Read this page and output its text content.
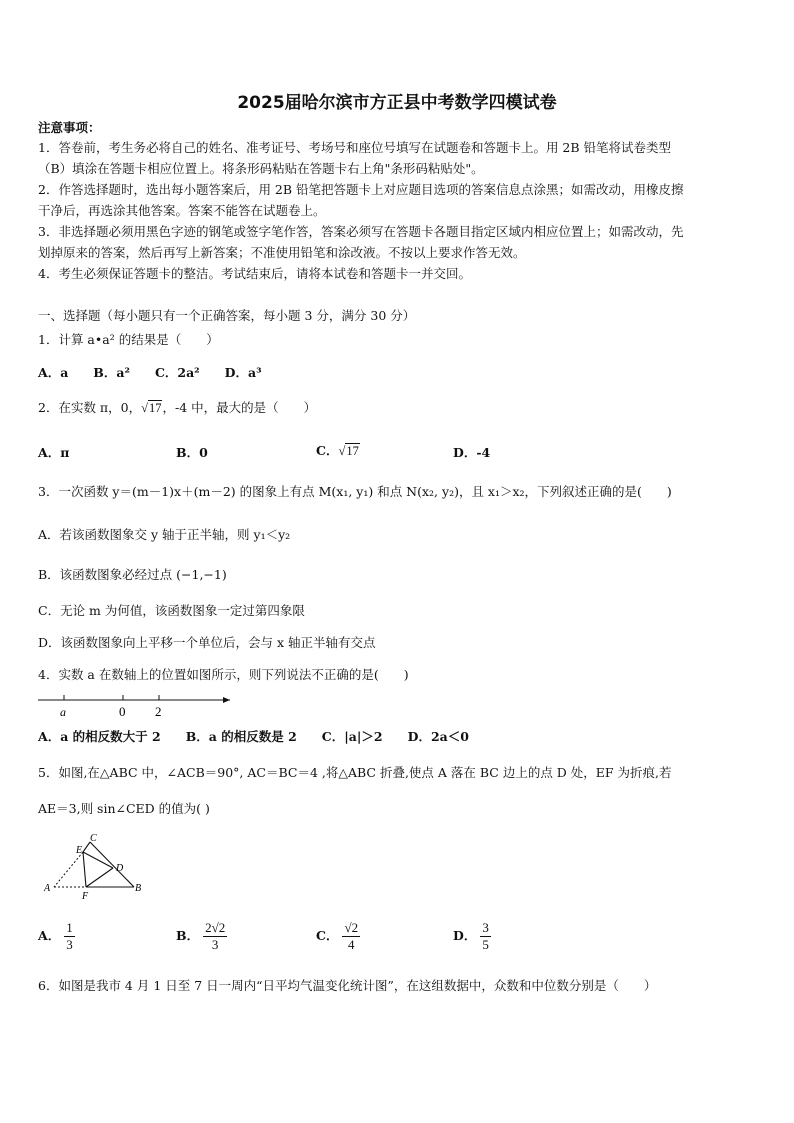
2025届哈尔滨市方正县中考数学四模试卷
注意事项：
1．答卷前，考生务必将自己的姓名、准考证号、考场号和座位号填写在试题卷和答题卡上。用 2B 铅笔将试卷类型
（B）填涂在答题卡相应位置上。将条形码粘贴在答题卡右上角"条形码粘贴处"。
2．作答选择题时，选出每小题答案后，用 2B 铅笔把答题卡上对应题目选项的答案信息点涂黑；如需改动，用橡皮擦
干净后，再选涂其他答案。答案不能答在试题卷上。
3．非选择题必须用黑色字迹的钢笔或签字笔作答，答案必须写在答题卡各题目指定区域内相应位置上；如需改动，先
划掉原来的答案，然后再写上新答案；不准使用铅笔和涂改液。不按以上要求作答无效。
4．考生必须保证答题卡的整洁。考试结束后，请将本试卷和答题卡一并交回。
一、选择题（每小题只有一个正确答案，每小题 3 分，满分 30 分）
1．计算 a•a² 的结果是（　　）
A．a　　B．a²　　C．2a²　　D．a³
2．在实数 π，0，√17，-4 中，最大的是（　　）
A．π	B．0	C．√17	D．-4
3．一次函数 y＝(m－1)x＋(m－2) 的图象上有点 M(x₁, y₁) 和点 N(x₂, y₂)，且 x₁＞x₂，下列叙述正确的是(　　)
A．若该函数图象交 y 轴于正半轴，则 y₁＜y₂
B．该函数图象必经过点 (−1,−1)
C．无论 m 为何值，该函数图象一定过第四象限
D．该函数图象向上平移一个单位后，会与 x 轴正半轴有交点
4．实数 a 在数轴上的位置如图所示，则下列说法不正确的是(　　)
a	0 2
A．a 的相反数大于 2　　B．a 的相反数是 2　　C．|a|＞2　　D．2a＜0
5．如图,在△ABC 中，∠ACB＝90°, AC＝BC＝4 ,将△ABC 折叠,使点 A 落在 BC 边上的点 D 处，EF 为折痕,若
AE＝3,则 sin∠CED 的值为( )
C
E
D
A
F
B
A． $\frac{1}{3}$	B． $\frac{2√2}{3}$	C． $\frac{√2}{4}$	D． $\frac{3}{5}$
6．如图是我市 4 月 1 日至 7 日一周内“日平均气温变化统计图”，在这组数据中，众数和中位数分别是（　　）
